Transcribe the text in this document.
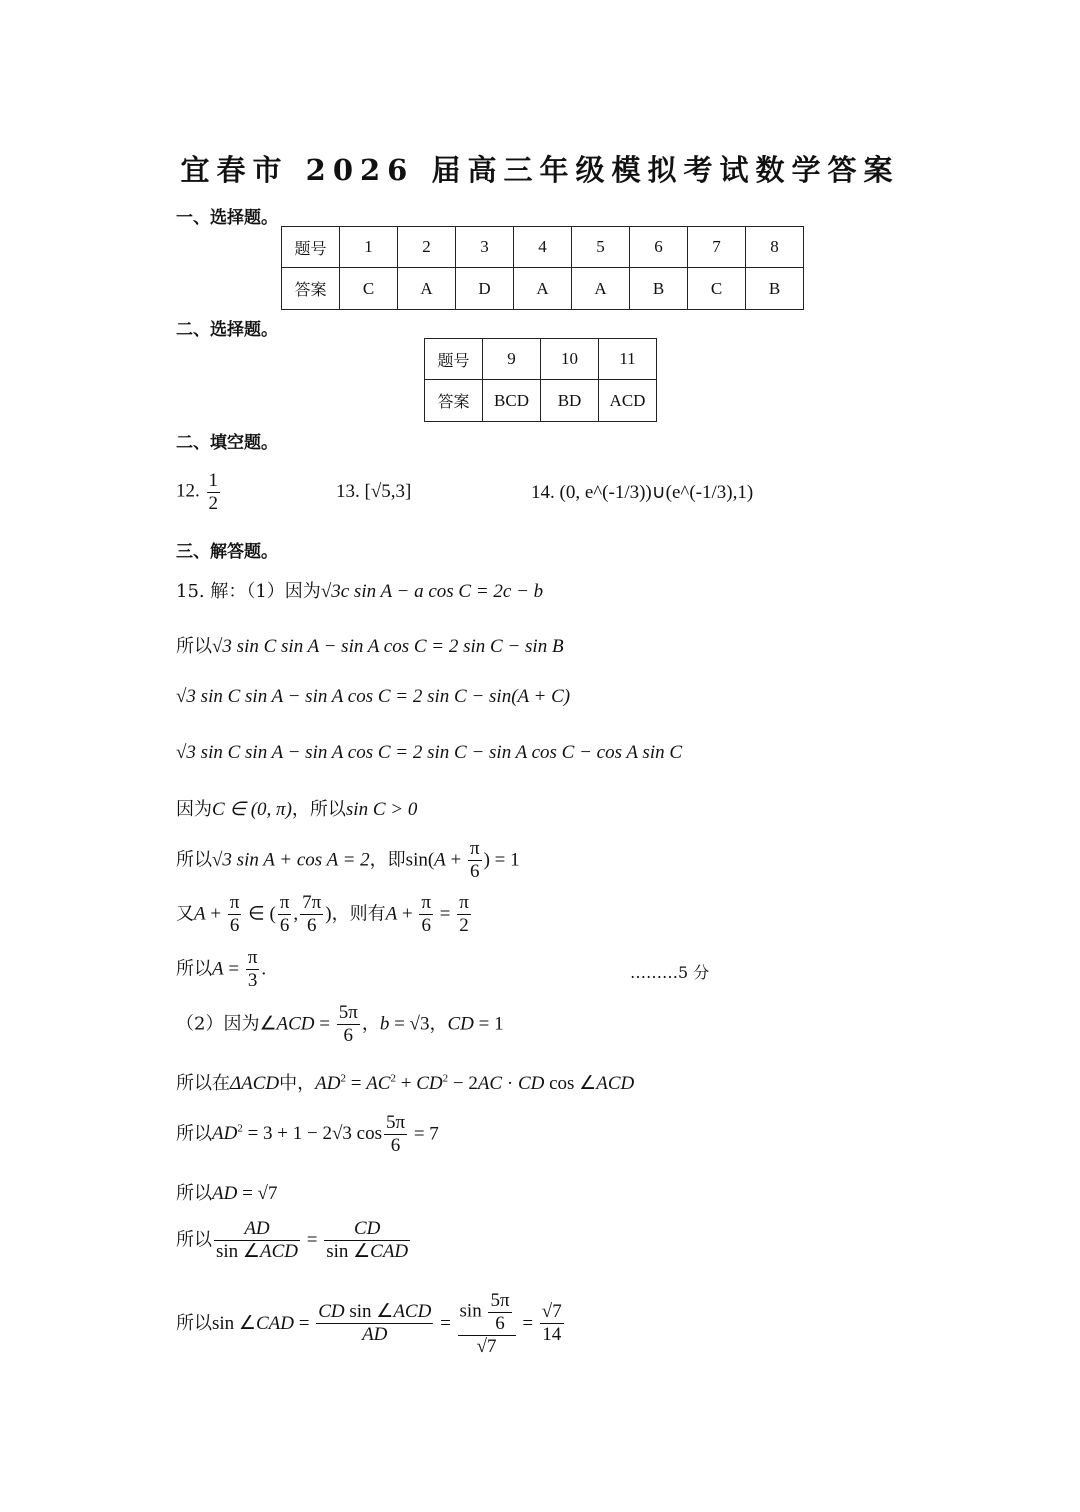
宜春市 2026 届高三年级模拟考试数学答案
一、选择题。
题号	1	2	3	4	5	6	7	8
答案	C	A	D	A	A	B	C	B
二、选择题。
题号	9	10	11
答案	BCD	BD	ACD
二、填空题。
12. $\frac{1}{2}$	13. [√5,3]	14. (0, e^(-1/3))∪(e^(-1/3),1)
三、解答题。
15. 解：（1）因为√3c sin A − a cos C = 2c − b
所以√3 sin C sin A − sin A cos C = 2 sin C − sin B
√3 sin C sin A − sin A cos C = 2 sin C − sin(A + C)
√3 sin C sin A − sin A cos C = 2 sin C − sin A cos C − cos A sin C
因为C ∈ (0, π)，所以sin C > 0
所以√3 sin A + cos A = 2，即$\sin(A + \frac{\pi}{6}$ ) = 1
又$A + \frac{\pi}{6}$ ∈ ( $\frac{\pi}{6}$ , $\frac{7\pi}{6}$ )，则有$A + \frac{\pi}{6} = \frac{\pi}{2}$
所以$A = \frac{\pi}{3}$ .	………5 分
（2）因为∠ACD = $\frac{5\pi}{6}$ ，b = √3，CD = 1
所以在ΔACD中，$AD^2 = AC^2 + CD^2 - 2AC$ · CD cos ∠ACD
所以$AD^2 = 3 + 1 - 2√3$ $\cos \frac{5\pi}{6} = 7$
所以AD = √7
所以 $\frac{AD}{\text{sin ∠ACD}} = \frac{CD}{\text{sin ∠CAD}}$
所以sin ∠CAD = $\frac{\text{CD sin ∠ACD}}{AD} = \frac{\sin \frac{5\pi}{6}}{√7} = \frac{√7}{14}$
